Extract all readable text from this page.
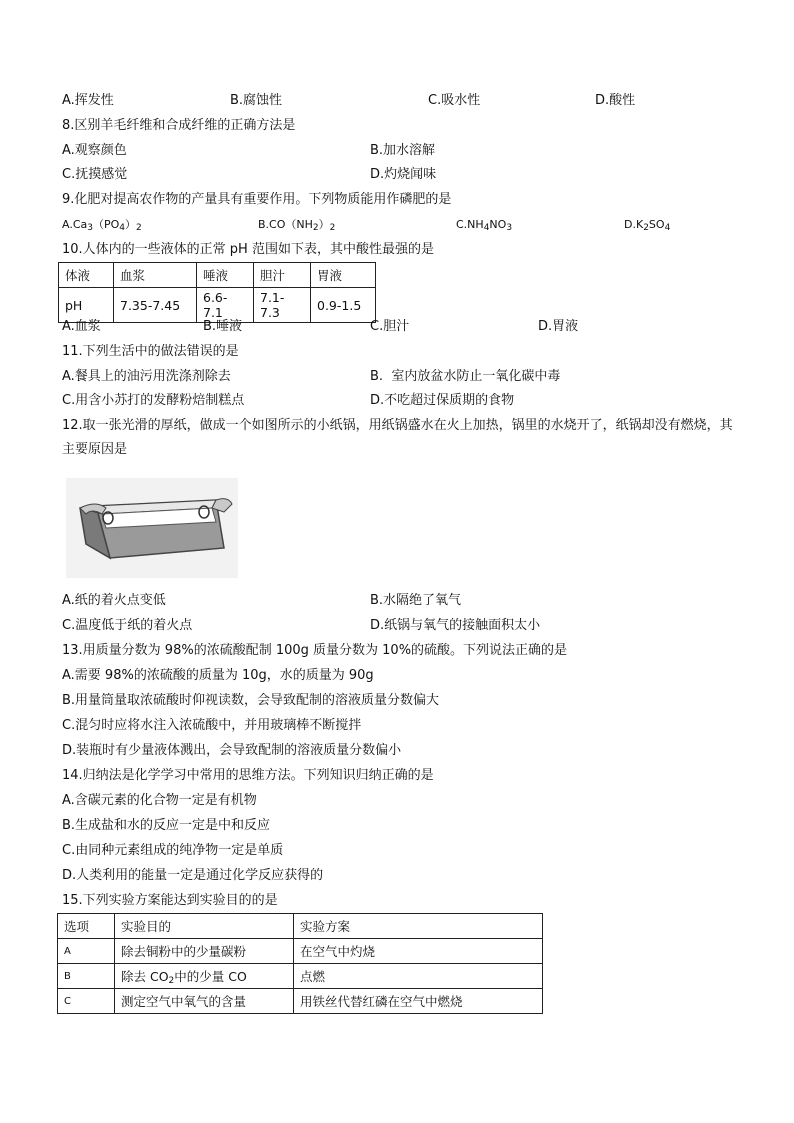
A.挥发性	B.腐蚀性	C.吸水性	D.酸性
8.区别羊毛纤维和合成纤维的正确方法是
A.观察颜色	B.加水溶解
C.抚摸感觉	D.灼烧闻味
9.化肥对提高农作物的产量具有重要作用。下列物质能用作磷肥的是
$A.Ca_3(PO_4)_2$	$B.CO(NH_2)_2$	$C.NH_4NO_3$	$D.K_2SO_4$
10.人体内的一些液体的正常 pH 范围如下表，其中酸性最强的是
体液	血浆	唾液	胆汁	胃液
pH	7.35-7.45	6.6-7.1	7.1-7.3	0.9-1.5
A.血浆	B.唾液	C.胆汁	D.胃液
11.下列生活中的做法错误的是
A.餐具上的油污用洗涤剂除去	B.  室内放盆水防止一氧化碳中毒
C.用含小苏打的发酵粉焙制糕点	D.不吃超过保质期的食物
12.取一张光滑的厚纸，做成一个如图所示的小纸锅，用纸锅盛水在火上加热，锅里的水烧开了，纸锅却没有燃烧，其主要原因是
A.纸的着火点变低	B.水隔绝了氧气
C.温度低于纸的着火点	D.纸锅与氧气的接触面积太小
13.用质量分数为 98%的浓硫酸配制 100g 质量分数为 10%的硫酸。下列说法正确的是
A.需要 98%的浓硫酸的质量为 10g，水的质量为 90g
B.用量筒量取浓硫酸时仰视读数，会导致配制的溶液质量分数偏大
C.混匀时应将水注入浓硫酸中，并用玻璃棒不断搅拌
D.装瓶时有少量液体溅出，会导致配制的溶液质量分数偏小
14.归纳法是化学学习中常用的思维方法。下列知识归纳正确的是
A.含碳元素的化合物一定是有机物
B.生成盐和水的反应一定是中和反应
C.由同种元素组成的纯净物一定是单质
D.人类利用的能量一定是通过化学反应获得的
15.下列实验方案能达到实验目的的是
选项	实验目的	实验方案
A	除去铜粉中的少量碳粉	在空气中灼烧
B	除去 $CO_2$中的少量 CO	点燃
C	测定空气中氧气的含量	用铁丝代替红磷在空气中燃烧
